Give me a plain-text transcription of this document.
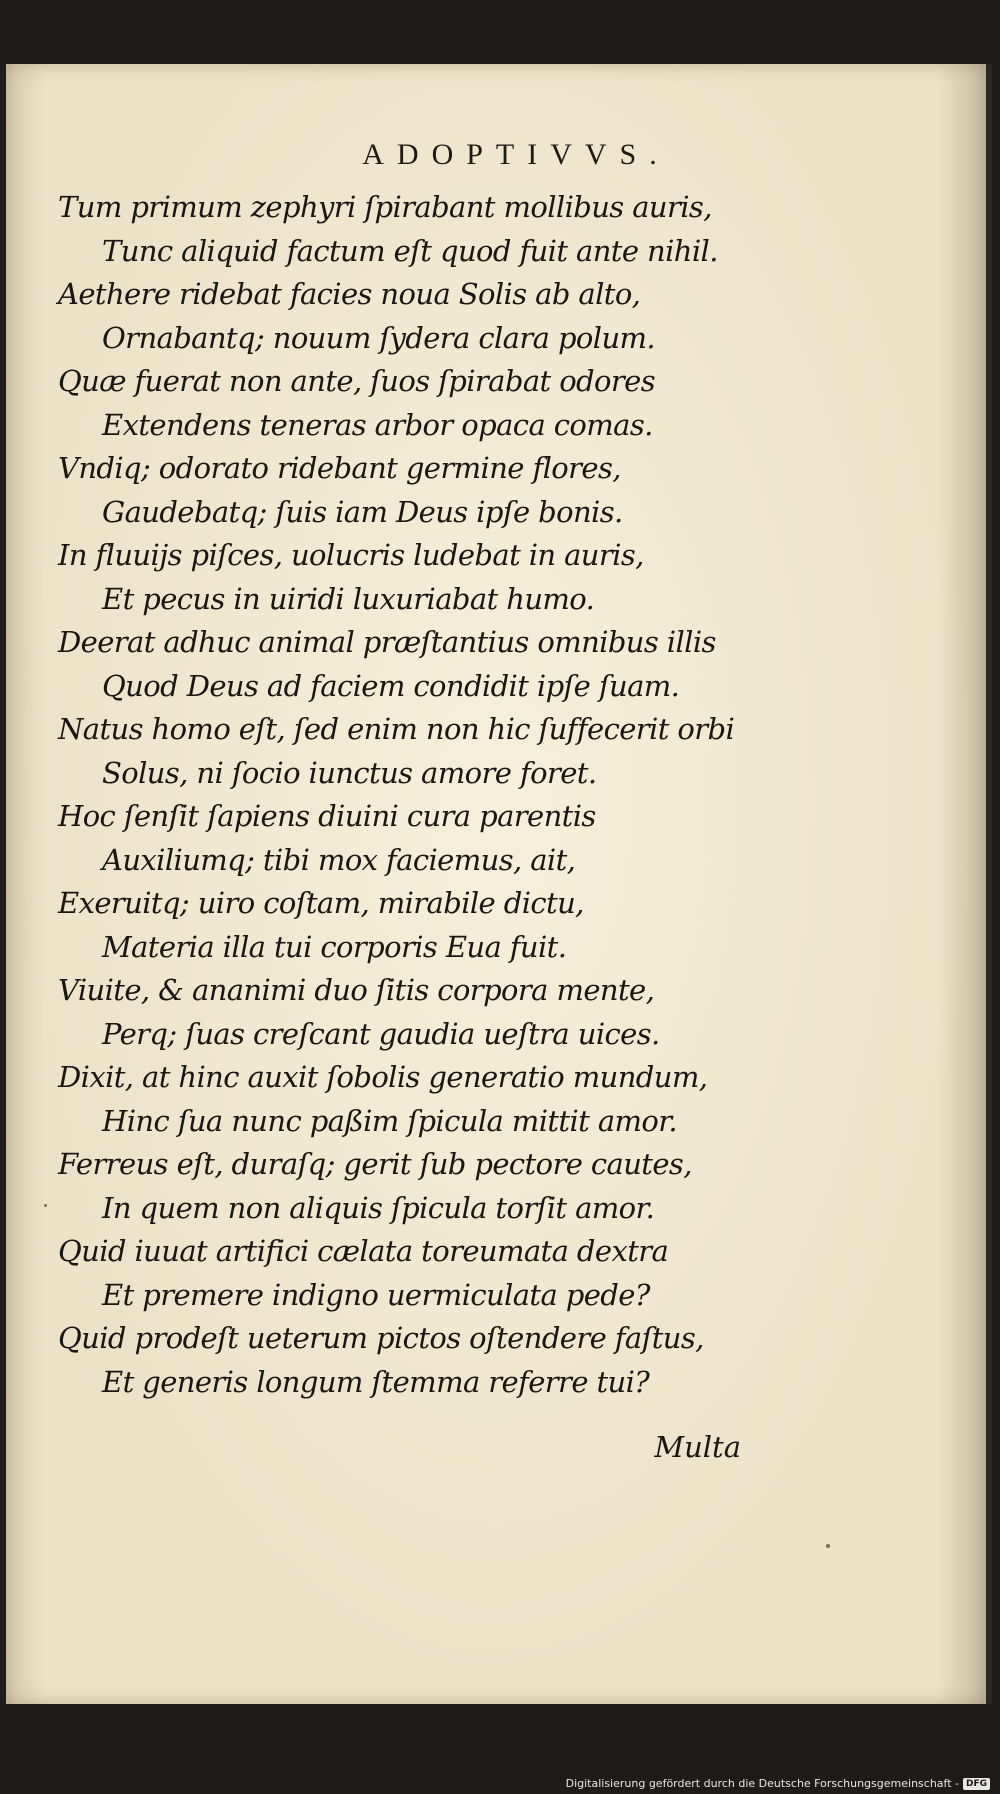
ADOPTIVVS.
Tum primum zephyri ſpirabant mollibus auris,
Tunc aliquid factum eſt quod fuit ante nihil.
Aethere ridebat facies noua Solis ab alto,
Ornabantq; nouum ſydera clara polum.
Quæ fuerat non ante, ſuos ſpirabat odores
Extendens teneras arbor opaca comas.
Vndiq; odorato ridebant germine flores,
Gaudebatq; ſuis iam Deus ipſe bonis.
In fluuijs piſces, uolucris ludebat in auris,
Et pecus in uiridi luxuriabat humo.
Deerat adhuc animal præſtantius omnibus illis
Quod Deus ad faciem condidit ipſe ſuam.
Natus homo eſt, ſed enim non hic ſuffecerit orbi
Solus, ni ſocio iunctus amore foret.
Hoc ſenſit ſapiens diuini cura parentis
Auxiliumq; tibi mox faciemus, ait,
Exeruitq; uiro coſtam, mirabile dictu,
Materia illa tui corporis Eua fuit.
Viuite, & ananimi duo ſitis corpora mente,
Perq; ſuas creſcant gaudia ueſtra uices.
Dixit, at hinc auxit ſobolis generatio mundum,
Hinc ſua nunc paßim ſpicula mittit amor.
Ferreus eſt, duraſq; gerit ſub pectore cautes,
In quem non aliquis ſpicula torſit amor.
Quid iuuat artifici cælata toreumata dextra
Et premere indigno uermiculata pede?
Quid prodeſt ueterum pictos oſtendere faſtus,
Et generis longum ſtemma referre tui?
Multa
Digitalisierung gefördert durch die Deutsche Forschungsgemeinschaft - DFG
